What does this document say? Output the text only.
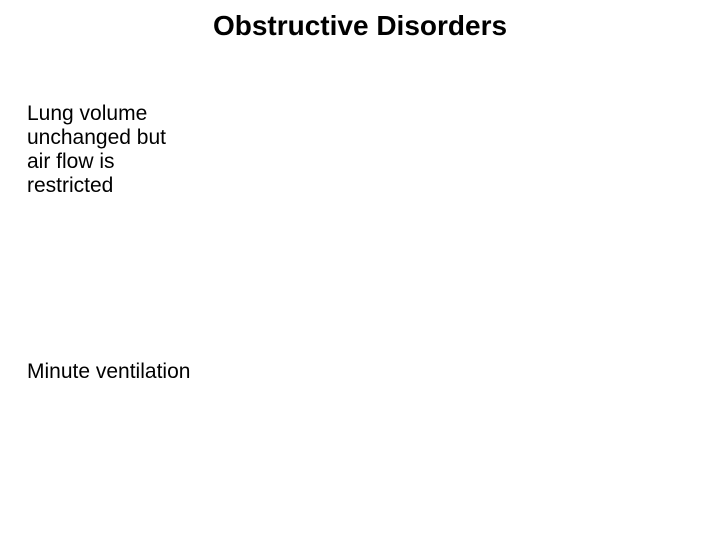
Obstructive Disorders

Lung volume
unchanged but
air flow is
restricted

Minute ventilation
